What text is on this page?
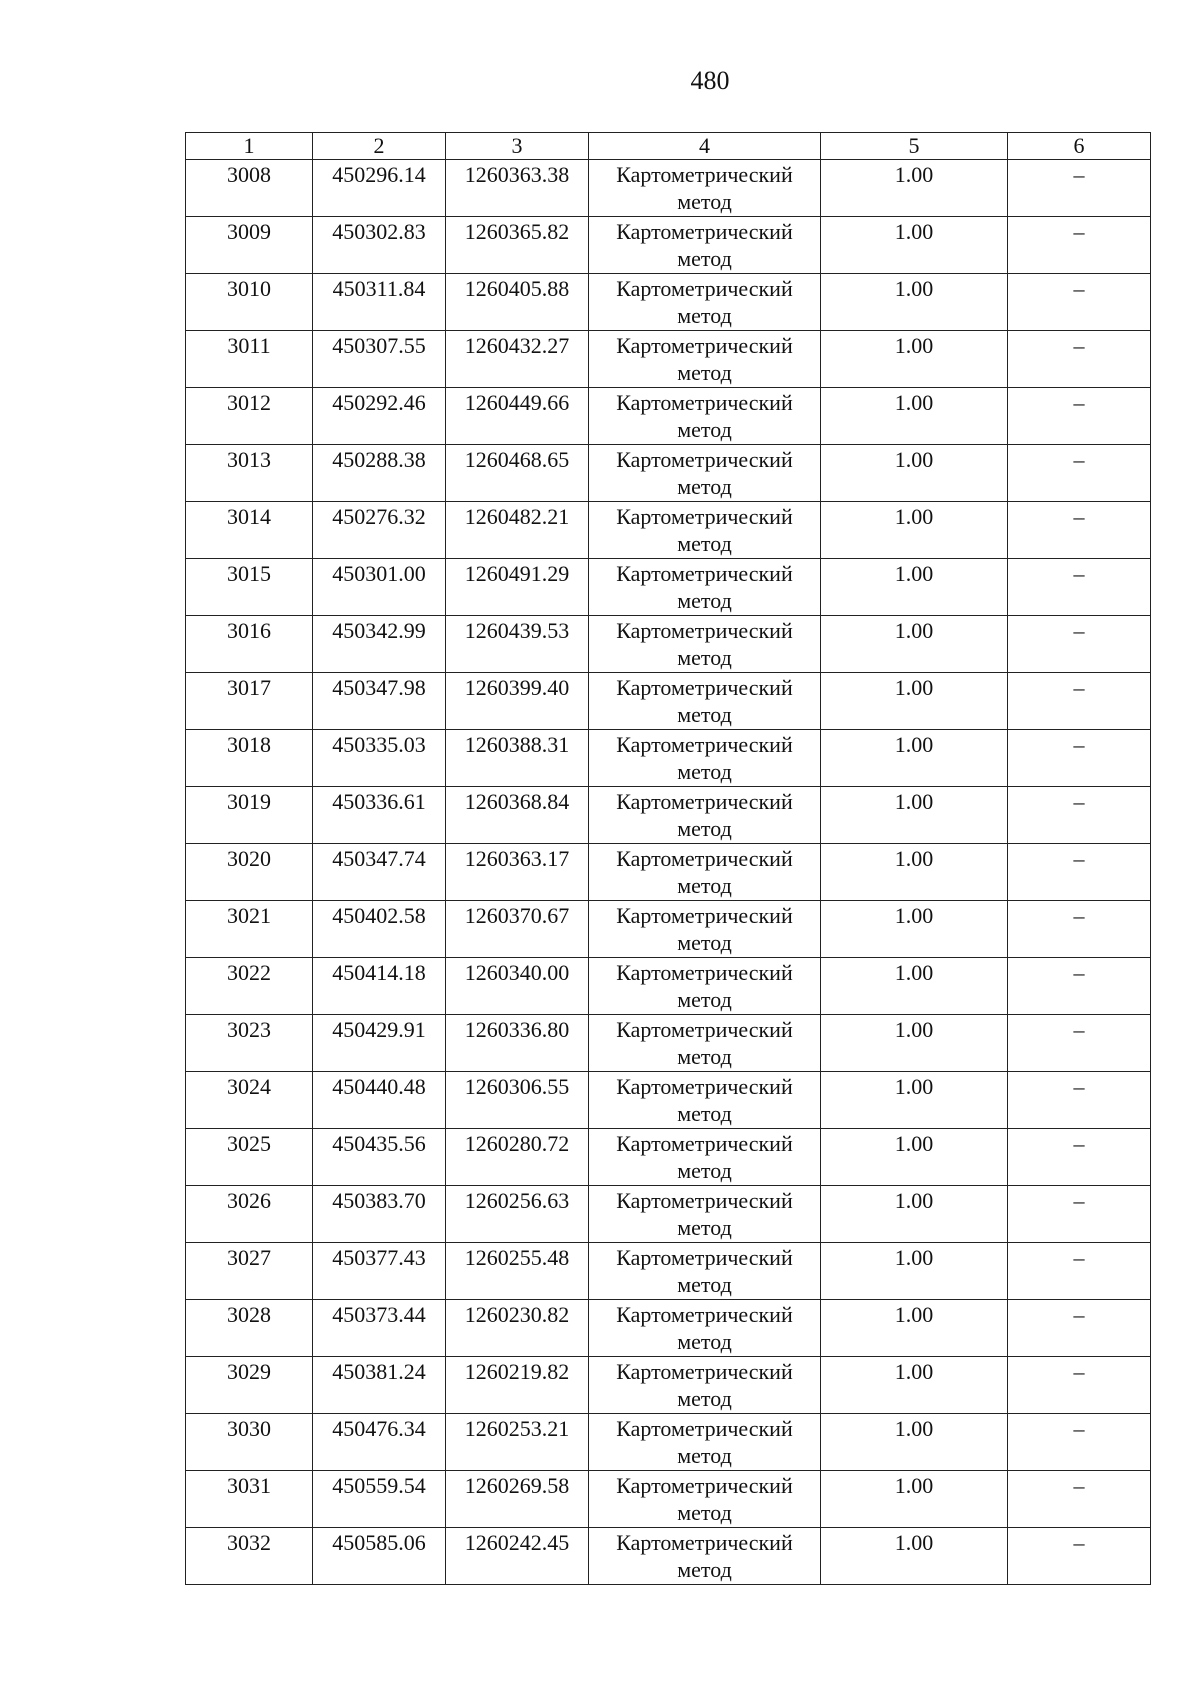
480
1	2	3	4	5	6
3008	450296.14	1260363.38	Картометрический метод	1.00	–
3009	450302.83	1260365.82	Картометрический метод	1.00	–
3010	450311.84	1260405.88	Картометрический метод	1.00	–
3011	450307.55	1260432.27	Картометрический метод	1.00	–
3012	450292.46	1260449.66	Картометрический метод	1.00	–
3013	450288.38	1260468.65	Картометрический метод	1.00	–
3014	450276.32	1260482.21	Картометрический метод	1.00	–
3015	450301.00	1260491.29	Картометрический метод	1.00	–
3016	450342.99	1260439.53	Картометрический метод	1.00	–
3017	450347.98	1260399.40	Картометрический метод	1.00	–
3018	450335.03	1260388.31	Картометрический метод	1.00	–
3019	450336.61	1260368.84	Картометрический метод	1.00	–
3020	450347.74	1260363.17	Картометрический метод	1.00	–
3021	450402.58	1260370.67	Картометрический метод	1.00	–
3022	450414.18	1260340.00	Картометрический метод	1.00	–
3023	450429.91	1260336.80	Картометрический метод	1.00	–
3024	450440.48	1260306.55	Картометрический метод	1.00	–
3025	450435.56	1260280.72	Картометрический метод	1.00	–
3026	450383.70	1260256.63	Картометрический метод	1.00	–
3027	450377.43	1260255.48	Картометрический метод	1.00	–
3028	450373.44	1260230.82	Картометрический метод	1.00	–
3029	450381.24	1260219.82	Картометрический метод	1.00	–
3030	450476.34	1260253.21	Картометрический метод	1.00	–
3031	450559.54	1260269.58	Картометрический метод	1.00	–
3032	450585.06	1260242.45	Картометрический метод	1.00	–
